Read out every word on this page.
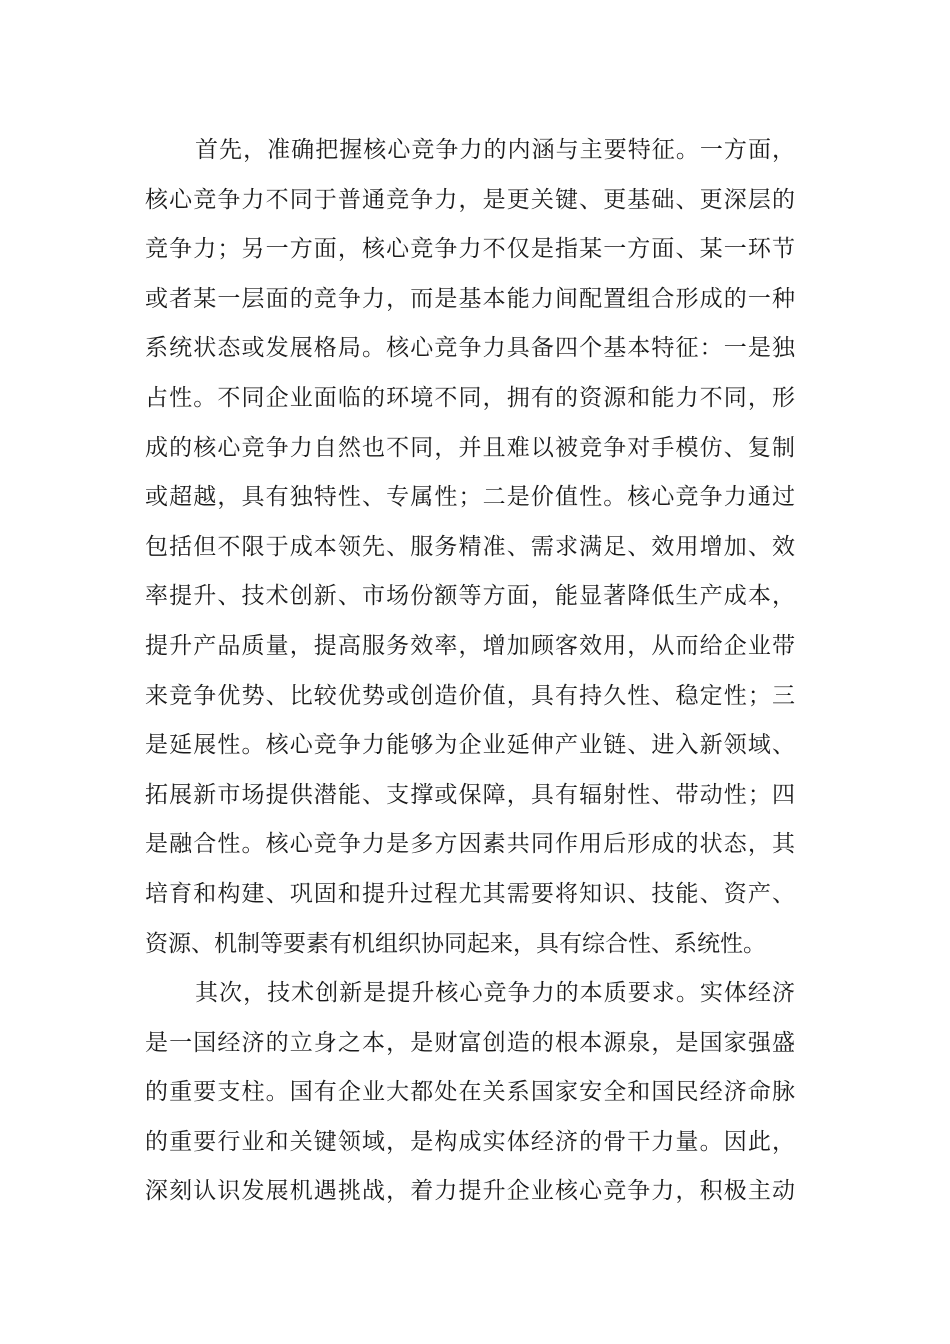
首先，准确把握核心竞争力的内涵与主要特征。一方面，
核心竞争力不同于普通竞争力，是更关键、更基础、更深层的
竞争力；另一方面，核心竞争力不仅是指某一方面、某一环节
或者某一层面的竞争力，而是基本能力间配置组合形成的一种
系统状态或发展格局。核心竞争力具备四个基本特征：一是独
占性。不同企业面临的环境不同，拥有的资源和能力不同，形
成的核心竞争力自然也不同，并且难以被竞争对手模仿、复制
或超越，具有独特性、专属性；二是价值性。核心竞争力通过
包括但不限于成本领先、服务精准、需求满足、效用增加、效
率提升、技术创新、市场份额等方面，能显著降低生产成本，
提升产品质量，提高服务效率，增加顾客效用，从而给企业带
来竞争优势、比较优势或创造价值，具有持久性、稳定性；三
是延展性。核心竞争力能够为企业延伸产业链、进入新领域、
拓展新市场提供潜能、支撑或保障，具有辐射性、带动性；四
是融合性。核心竞争力是多方因素共同作用后形成的状态，其
培育和构建、巩固和提升过程尤其需要将知识、技能、资产、
资源、机制等要素有机组织协同起来，具有综合性、系统性。
其次，技术创新是提升核心竞争力的本质要求。实体经济
是一国经济的立身之本，是财富创造的根本源泉，是国家强盛
的重要支柱。国有企业大都处在关系国家安全和国民经济命脉
的重要行业和关键领域，是构成实体经济的骨干力量。因此，
深刻认识发展机遇挑战，着力提升企业核心竞争力，积极主动
